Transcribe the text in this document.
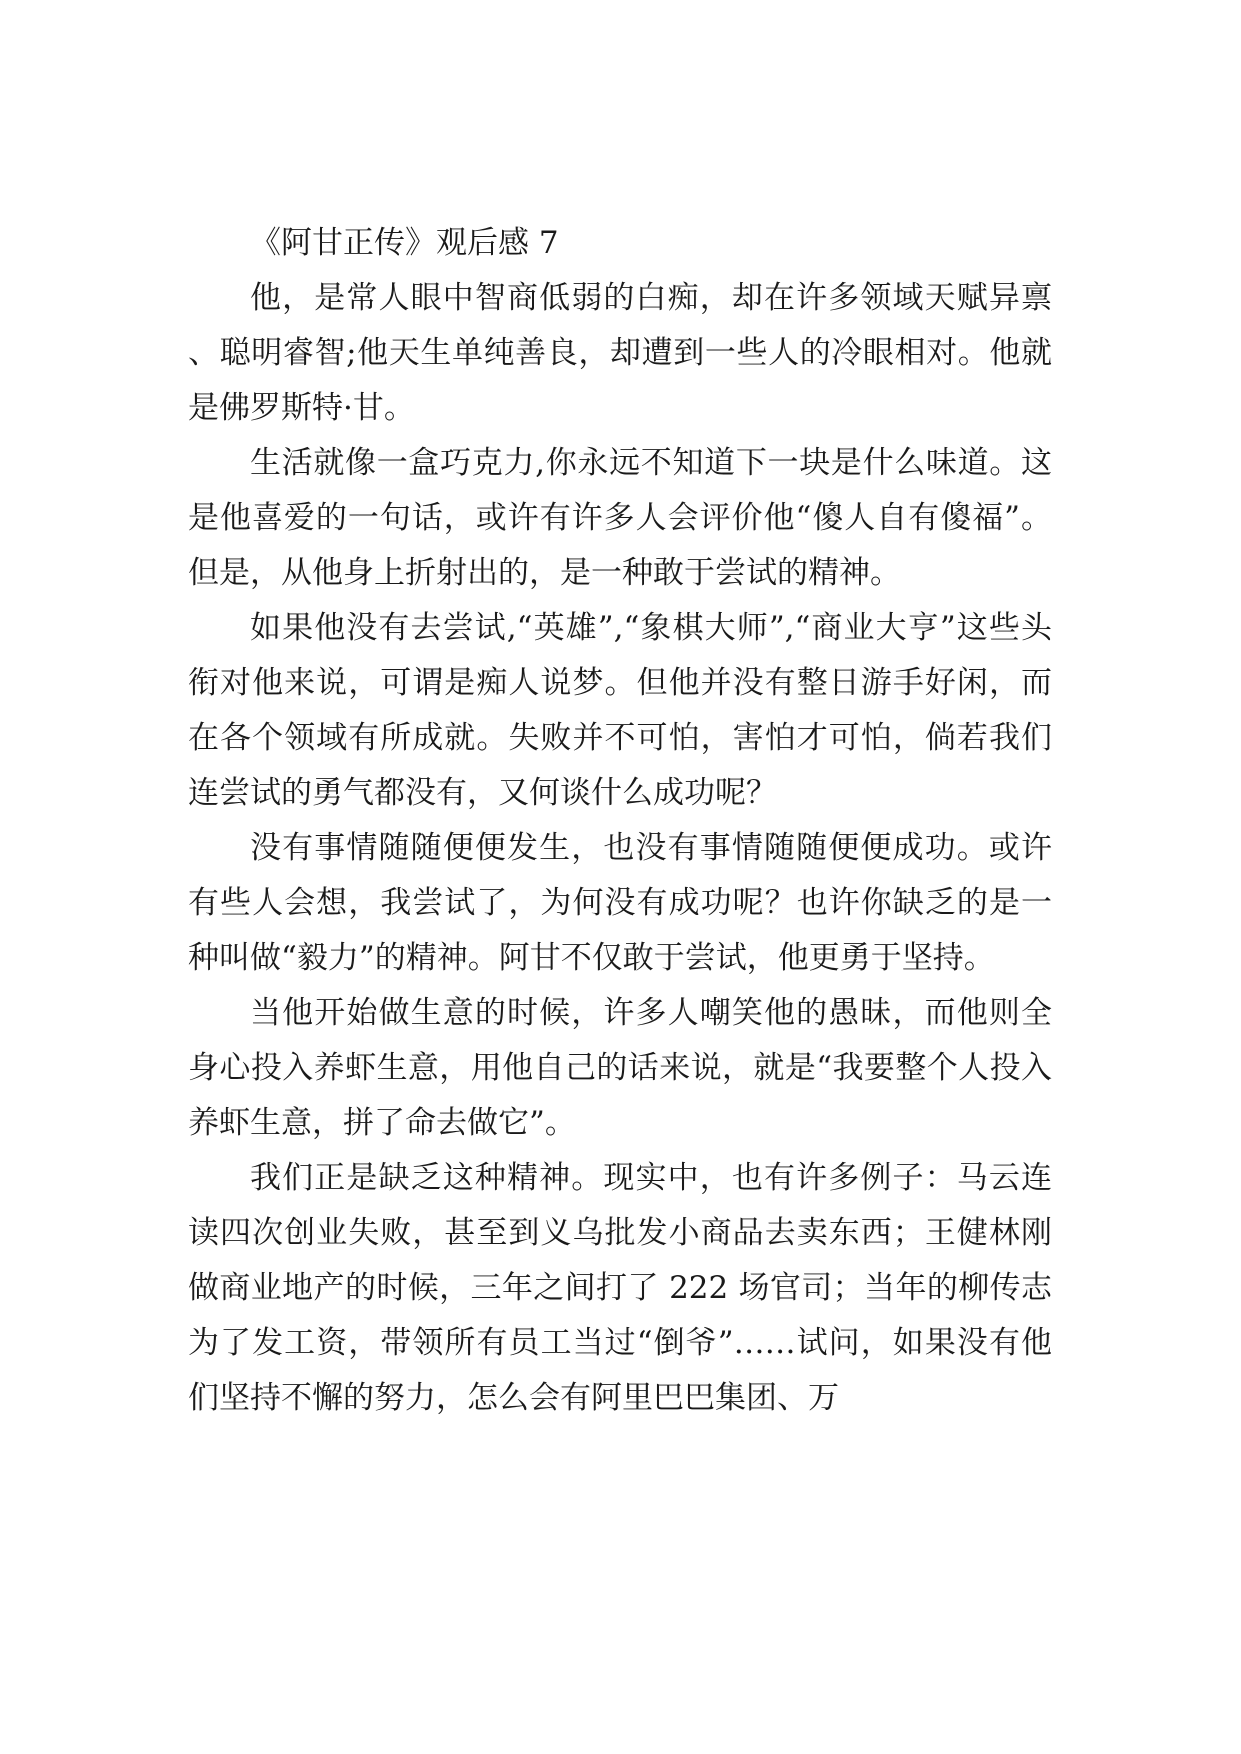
《阿甘正传》观后感 7

他，是常人眼中智商低弱的白痴，却在许多领域天赋异禀、聪明睿智;他天生单纯善良，却遭到一些人的冷眼相对。他就是佛罗斯特·甘。

生活就像一盒巧克力,你永远不知道下一块是什么味道。这是他喜爱的一句话，或许有许多人会评价他“傻人自有傻福”。但是，从他身上折射出的，是一种敢于尝试的精神。

如果他没有去尝试,“英雄”,“象棋大师”,“商业大亨”这些头衔对他来说，可谓是痴人说梦。但他并没有整日游手好闲，而在各个领域有所成就。失败并不可怕，害怕才可怕，倘若我们连尝试的勇气都没有，又何谈什么成功呢？

没有事情随随便便发生，也没有事情随随便便成功。或许有些人会想，我尝试了，为何没有成功呢？也许你缺乏的是一种叫做“毅力”的精神。阿甘不仅敢于尝试，他更勇于坚持。

当他开始做生意的时候，许多人嘲笑他的愚昧，而他则全身心投入养虾生意，用他自己的话来说，就是“我要整个人投入养虾生意，拼了命去做它”。

我们正是缺乏这种精神。现实中，也有许多例子：马云连读四次创业失败，甚至到义乌批发小商品去卖东西；王健林刚做商业地产的时候，三年之间打了 222 场官司；当年的柳传志为了发工资，带领所有员工当过“倒爷”……试问，如果没有他们坚持不懈的努力，怎么会有阿里巴巴集团、万
